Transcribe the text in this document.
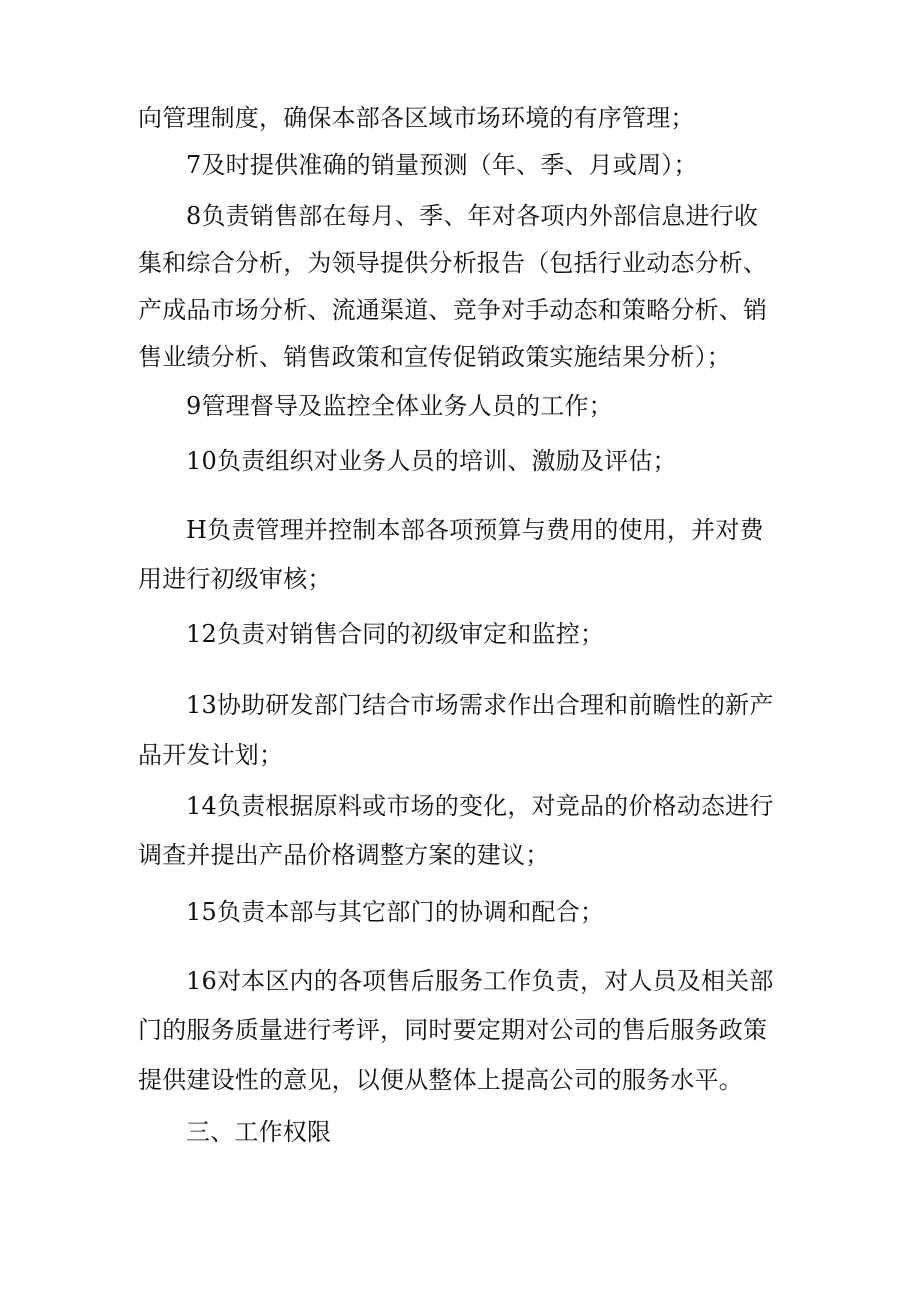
向管理制度，确保本部各区域市场环境的有序管理；
7及时提供准确的销量预测（年、季、月或周）；
8负责销售部在每月、季、年对各项内外部信息进行收
集和综合分析，为领导提供分析报告（包括行业动态分析、
产成品市场分析、流通渠道、竞争对手动态和策略分析、销
售业绩分析、销售政策和宣传促销政策实施结果分析）；
9管理督导及监控全体业务人员的工作；
10负责组织对业务人员的培训、激励及评估；
H负责管理并控制本部各项预算与费用的使用，并对费
用进行初级审核；
12负责对销售合同的初级审定和监控；
13协助研发部门结合市场需求作出合理和前瞻性的新产
品开发计划；
14负责根据原料或市场的变化，对竞品的价格动态进行
调查并提出产品价格调整方案的建议；
15负责本部与其它部门的协调和配合；
16对本区内的各项售后服务工作负责，对人员及相关部
门的服务质量进行考评，同时要定期对公司的售后服务政策
提供建设性的意见，以便从整体上提高公司的服务水平。
三、工作权限
